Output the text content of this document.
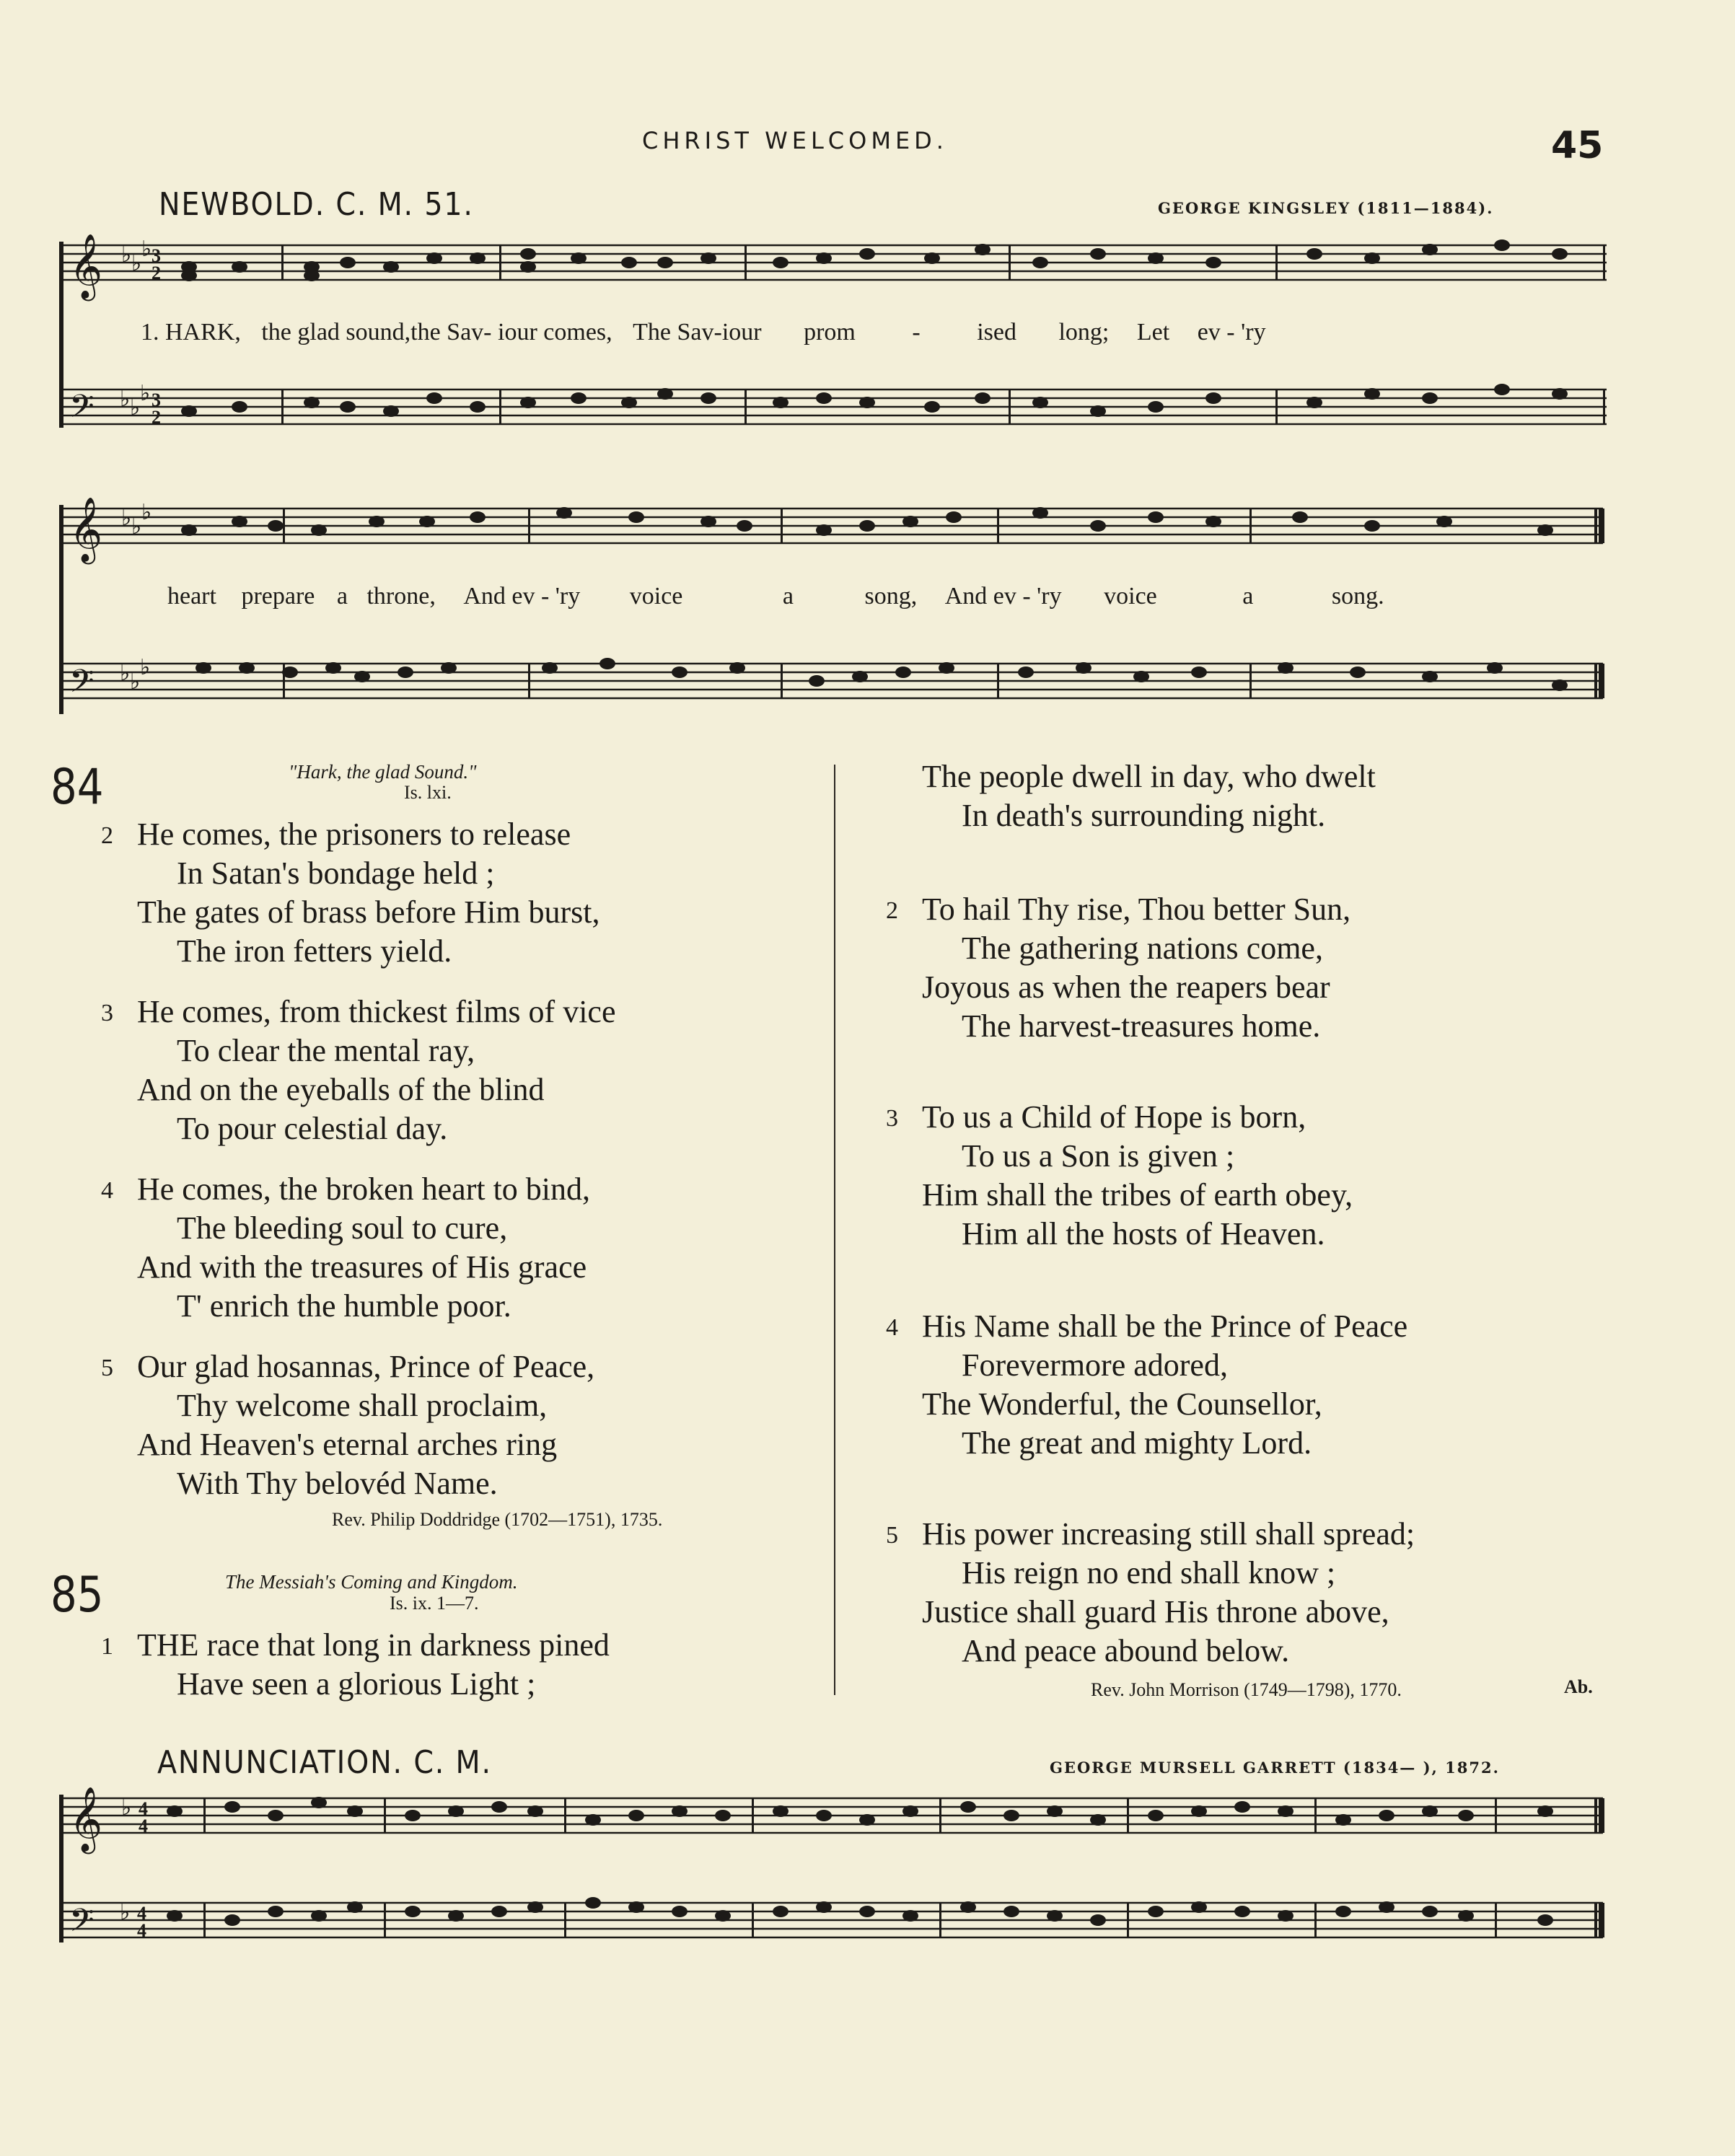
CHRIST WELCOMED.	45
NEWBOLD. C. M. 51.	GEORGE KINGSLEY (1811—1884).
𝄞
𝄢
♭ ♭
♭
♭ ♭
♭
3
2
3
2
1. HARK, the glad sound,the Sav- iour comes, The Sav-iour prom - ised long; Let ev - 'ry
𝄞
𝄢
♭ ♭
♭
♭ ♭
♭
heart prepare a throne, And ev - 'ry voice	a	song, And ev - 'ry voice	a	song.
84	"Hark, the glad Sound."
Is. lxi.
2 He comes, the prisoners to release
In Satan's bondage held ;
The gates of brass before Him burst,
The iron fetters yield.
3 He comes, from thickest films of vice
To clear the mental ray,
And on the eyeballs of the blind
To pour celestial day.
4 He comes, the broken heart to bind,
The bleeding soul to cure,
And with the treasures of His grace
T' enrich the humble poor.
5 Our glad hosannas, Prince of Peace,
Thy welcome shall proclaim,
And Heaven's eternal arches ring
With Thy belovéd Name.
Rev. Philip Doddridge (1702—1751), 1735.
85	The Messiah's Coming and Kingdom.
Is. ix. 1—7.
1 THE race that long in darkness pined
Have seen a glorious Light ;
The people dwell in day, who dwelt
In death's surrounding night.
2 To hail Thy rise, Thou better Sun,
The gathering nations come,
Joyous as when the reapers bear
The harvest-treasures home.
3 To us a Child of Hope is born,
To us a Son is given ;
Him shall the tribes of earth obey,
Him all the hosts of Heaven.
4 His Name shall be the Prince of Peace
Forevermore adored,
The Wonderful, the Counsellor,
The great and mighty Lord.
5 His power increasing still shall spread;
His reign no end shall know ;
Justice shall guard His throne above,
And peace abound below.
Rev. John Morrison (1749—1798), 1770.	Ab.
ANNUNCIATION. C. M.	GEORGE MURSELL GARRETT (1834— ), 1872.
𝄞
𝄢
♭
♭
4
4
4
4
